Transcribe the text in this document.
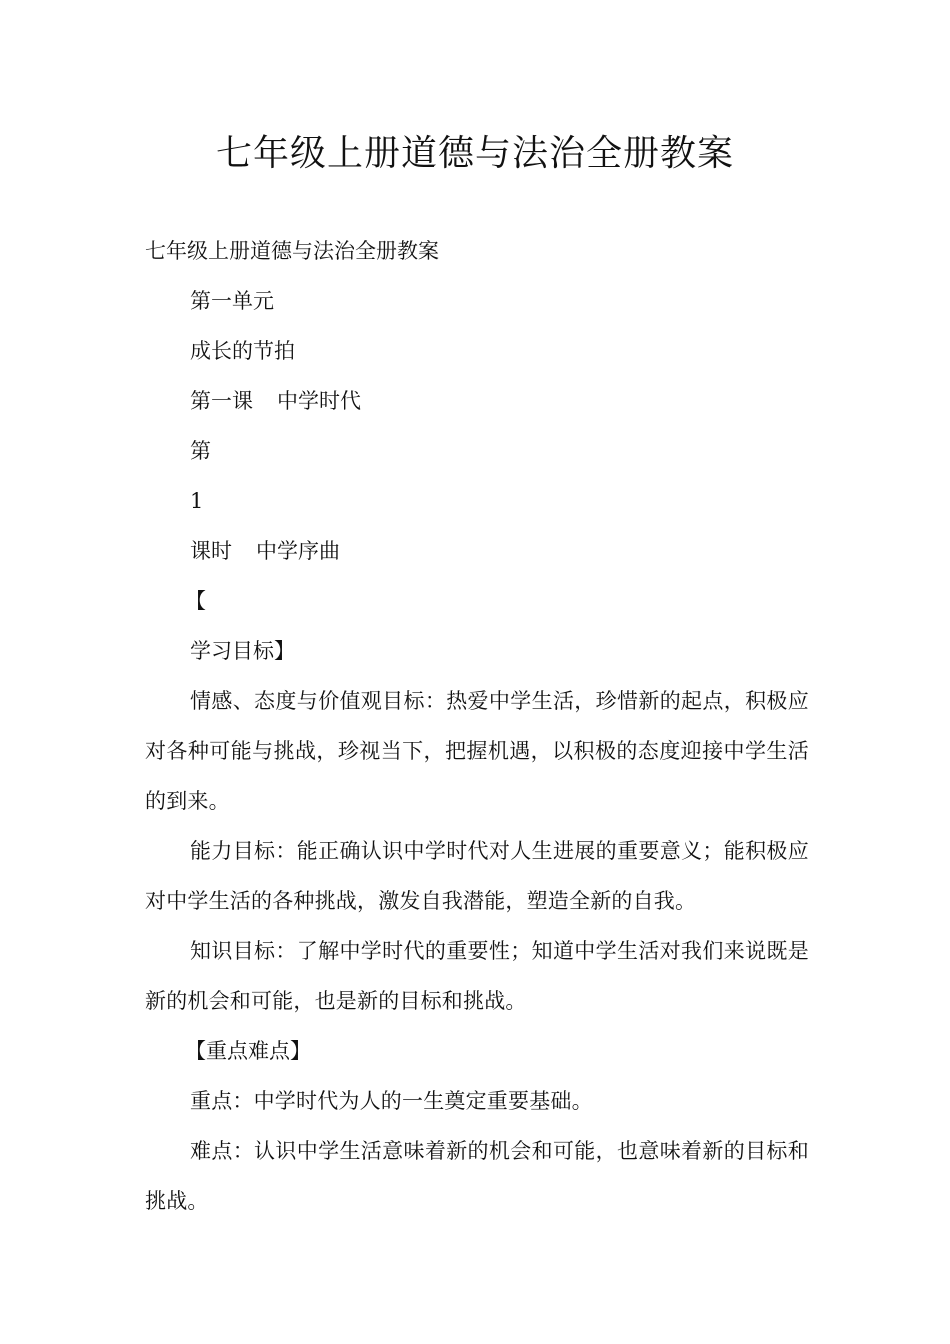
七年级上册道德与法治全册教案

七年级上册道德与法治全册教案

第一单元

成长的节拍

第一课 中学时代

第

1

课时 中学序曲

【

学习目标】

情感、态度与价值观目标：热爱中学生活，珍惜新的起点，积极应对各种可能与挑战，珍视当下，把握机遇，以积极的态度迎接中学生活的到来。

能力目标：能正确认识中学时代对人生进展的重要意义；能积极应对中学生活的各种挑战，激发自我潜能，塑造全新的自我。

知识目标：了解中学时代的重要性；知道中学生活对我们来说既是新的机会和可能，也是新的目标和挑战。

【重点难点】

重点：中学时代为人的一生奠定重要基础。

难点：认识中学生活意味着新的机会和可能，也意味着新的目标和挑战。
